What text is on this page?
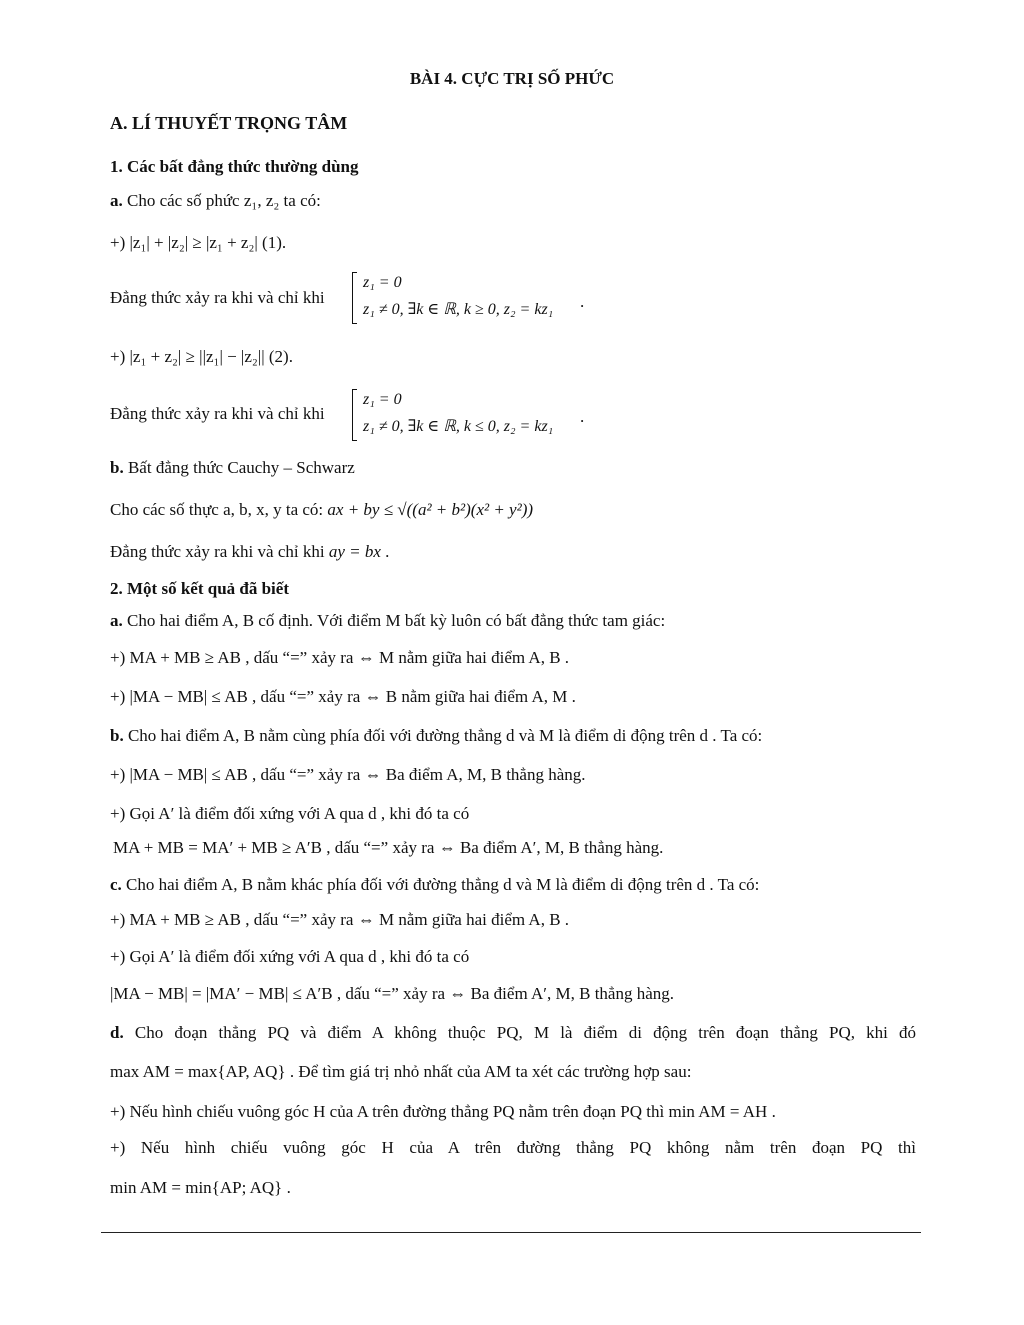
BÀI 4. CỰC TRỊ SỐ PHỨC
A. LÍ THUYẾT TRỌNG TÂM
1. Các bất đẳng thức thường dùng
a. Cho các số phức z₁, z₂ ta có:
+) |z₁| + |z₂| ≥ |z₁ + z₂| (1).
Đẳng thức xảy ra khi và chỉ khi
z₁ = 0
z₁ ≠ 0, ∃k ∈ ℝ, k ≥ 0, z₂ = kz₁ .
+) |z₁ + z₂| ≥ ||z₁| − |z₂|| (2).
Đẳng thức xảy ra khi và chỉ khi
z₁ = 0
z₁ ≠ 0, ∃k ∈ ℝ, k ≤ 0, z₂ = kz₁
.
b. Bất đẳng thức Cauchy – Schwarz
Cho các số thực a, b, x, y ta có: ax + by ≤ √((a² + b²)(x² + y²))
Đẳng thức xảy ra khi và chỉ khi ay = bx .
2. Một số kết quả đã biết
a. Cho hai điểm A, B cố định. Với điểm M bất kỳ luôn có bất đẳng thức tam giác:
+) MA + MB ≥ AB , dấu “=” xảy ra ⇔ M nằm giữa hai điểm A, B .
+) |MA − MB| ≤ AB , dấu “=” xảy ra ⇔ B nằm giữa hai điểm A, M .
b. Cho hai điểm A, B nằm cùng phía đối với đường thẳng d và M là điểm di động trên d . Ta có:
+) |MA − MB| ≤ AB , dấu “=” xảy ra ⇔ Ba điểm A, M, B thẳng hàng.
+) Gọi A′ là điểm đối xứng với A qua d , khi đó ta có
MA + MB = MA′ + MB ≥ A′B , dấu “=” xảy ra ⇔ Ba điểm A′, M, B thẳng hàng.
c. Cho hai điểm A, B nằm khác phía đối với đường thẳng d và M là điểm di động trên d . Ta có:
+) MA + MB ≥ AB , dấu “=” xảy ra ⇔ M nằm giữa hai điểm A, B .
+) Gọi A′ là điểm đối xứng với A qua d , khi đó ta có
|MA − MB| = |MA′ − MB| ≤ A′B , dấu “=” xảy ra ⇔ Ba điểm A′, M, B thẳng hàng.
d. Cho đoạn thẳng PQ và điểm A không thuộc PQ, M là điểm di động trên đoạn thẳng PQ, khi đó
max AM = max{AP, AQ} . Để tìm giá trị nhỏ nhất của AM ta xét các trường hợp sau:
+) Nếu hình chiếu vuông góc H của A trên đường thẳng PQ nằm trên đoạn PQ thì min AM = AH .
+) Nếu hình chiếu vuông góc H của A trên đường thẳng PQ không nằm trên đoạn PQ thì
min AM = min{AP; AQ} .
